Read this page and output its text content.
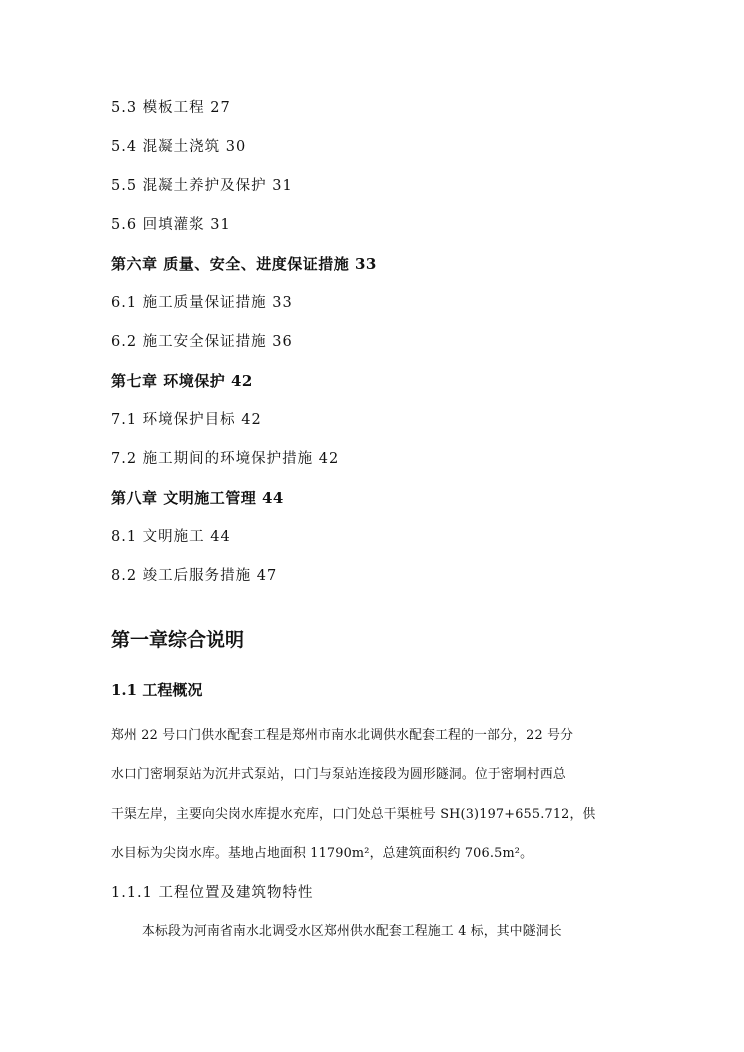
5.3 模板工程 27
5.4 混凝土浇筑 30
5.5 混凝土养护及保护 31
5.6 回填灌浆 31
第六章 质量、安全、进度保证措施 33
6.1 施工质量保证措施 33
6.2 施工安全保证措施 36
第七章 环境保护 42
7.1 环境保护目标 42
7.2 施工期间的环境保护措施 42
第八章 文明施工管理 44
8.1 文明施工 44
8.2 竣工后服务措施 47
第一章综合说明
1.1 工程概况
郑州 22 号口门供水配套工程是郑州市南水北调供水配套工程的一部分，22 号分
水口门密垌泵站为沉井式泵站，口门与泵站连接段为圆形隧洞。位于密垌村西总
干渠左岸，主要向尖岗水库提水充库，口门处总干渠桩号 SH(3)197+655.712，供
水目标为尖岗水库。基地占地面积 11790m²，总建筑面积约 706.5m²。
1.1.1 工程位置及建筑物特性
本标段为河南省南水北调受水区郑州供水配套工程施工 4 标，其中隧洞长
